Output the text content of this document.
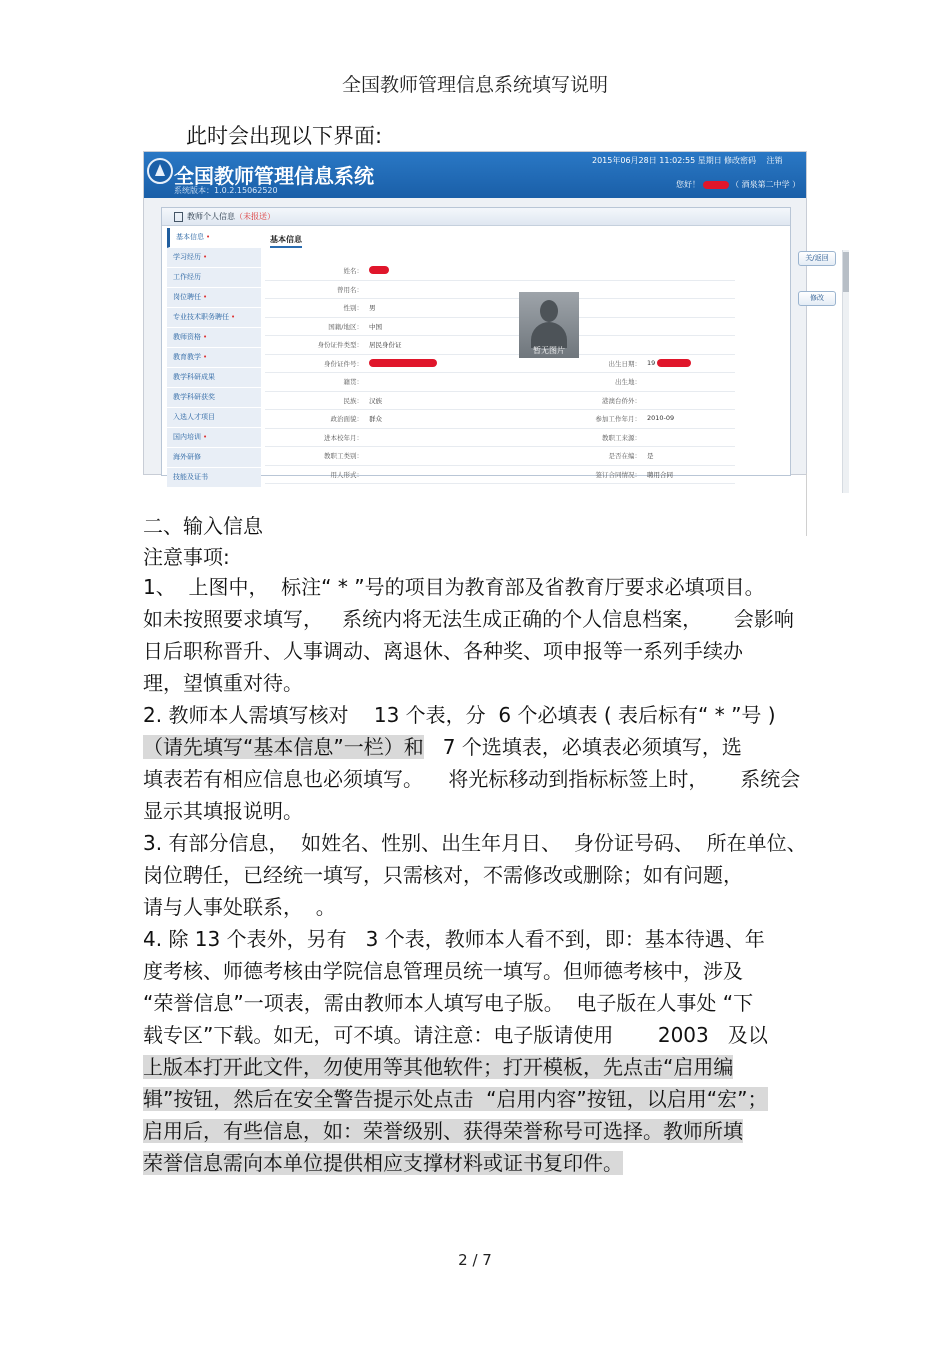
全国教师管理信息系统填写说明
此时会出现以下界面:
全国教师管理信息系统
系统版本：1.0.2.15062520
2015年06月28日 11:02:55 星期日 修改密码 注销
您好！	（ 酒泉第二中学 ）
教师个人信息（未报送）
基本信息 •
学习经历 •
工作经历
岗位聘任 •
专业技术职务聘任 •
教师资格 •
教育教学 •
教学科研成果
教学科研获奖
入选人才项目
国内培训 •
海外研修
技能及证书
基本信息
关/返回
修改
姓名：
曾用名：
性别： 男
国籍/地区： 中国
身份证件类型： 居民身份证
身份证件号：	出生日期： 19
籍贯：	出生地：
民族： 汉族	港澳台侨外：
政治面貌： 群众	参加工作年月： 2010-09
进本校年月：	教职工来源：
教职工类别：	是否在编： 是
用人形式：	签订合同情况： 聘用合同
暂无图片
二、输入信息
注意事项:
1、  上图中，  标注“ * ”号的项目为教育部及省教育厅要求必填项目。
如未按照要求填写，   系统内将无法生成正确的个人信息档案，     会影响
日后职称晋升、人事调动、离退休、各种奖、项申报等一系列手续办
理，望慎重对待。
2. 教师本人需填写核对    13 个表，分  6 个必填表 ( 表后标有“ * ”号 )
（请先填写“基本信息”一栏）和   7 个选填表，必填表必须填写，选
填表若有相应信息也必须填写。    将光标移动到指标标签上时，     系统会
显示其填报说明。
3. 有部分信息，  如姓名、性别、出生年月日、  身份证号码、  所在单位、
岗位聘任，已经统一填写，只需核对，不需修改或删除；如有问题，
请与人事处联系，  。
4. 除 13 个表外，另有   3 个表，教师本人看不到，即：基本待遇、年
度考核、师德考核由学院信息管理员统一填写。但师德考核中，涉及
“荣誉信息”一项表，需由教师本人填写电子版。  电子版在人事处 “下
载专区”下载。如无，可不填。请注意：电子版请使用       2003   及以
上版本打开此文件，勿使用等其他软件；打开模板，先点击“启用编
辑”按钮，然后在安全警告提示处点击  “启用内容”按钮，以启用“宏”；
启用后，有些信息，如：荣誉级别、获得荣誉称号可选择。教师所填
荣誉信息需向本单位提供相应支撑材料或证书复印件。
2 / 7
